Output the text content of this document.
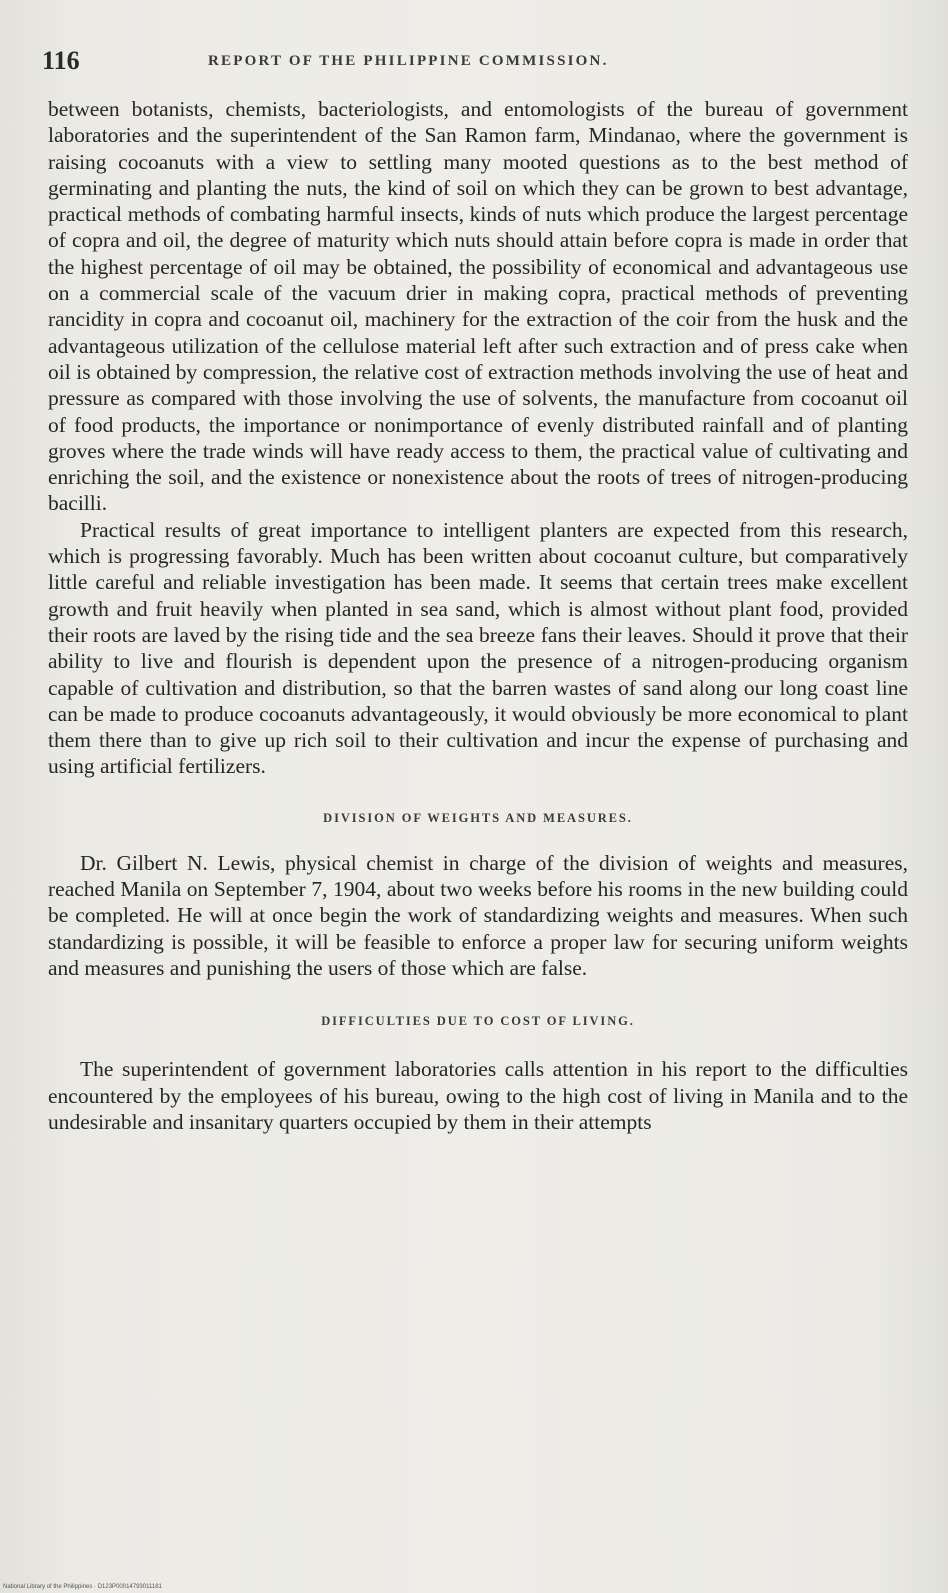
116	REPORT OF THE PHILIPPINE COMMISSION.

between botanists, chemists, bacteriologists, and entomologists of the bureau of government laboratories and the superintendent of the San Ramon farm, Mindanao, where the government is raising cocoanuts with a view to settling many mooted questions as to the best method of germinating and planting the nuts, the kind of soil on which they can be grown to best advantage, practical methods of combating harmful insects, kinds of nuts which produce the largest percentage of copra and oil, the degree of maturity which nuts should attain before copra is made in order that the highest percentage of oil may be obtained, the possibility of economical and advantageous use on a commercial scale of the vacuum drier in making copra, practical methods of preventing rancidity in copra and cocoanut oil, machinery for the extraction of the coir from the husk and the advantageous utilization of the cellulose material left after such extraction and of press cake when oil is obtained by compression, the relative cost of extraction methods involving the use of heat and pressure as compared with those involving the use of solvents, the manufacture from cocoanut oil of food products, the importance or nonimportance of evenly distributed rainfall and of planting groves where the trade winds will have ready access to them, the practical value of cultivating and enriching the soil, and the existence or nonexistence about the roots of trees of nitrogen-producing bacilli.

Practical results of great importance to intelligent planters are expected from this research, which is progressing favorably. Much has been written about cocoanut culture, but comparatively little careful and reliable investigation has been made. It seems that certain trees make excellent growth and fruit heavily when planted in sea sand, which is almost without plant food, provided their roots are laved by the rising tide and the sea breeze fans their leaves. Should it prove that their ability to live and flourish is dependent upon the presence of a nitrogen-producing organism capable of cultivation and distribution, so that the barren wastes of sand along our long coast line can be made to produce cocoanuts advantageously, it would obviously be more economical to plant them there than to give up rich soil to their cultivation and incur the expense of purchasing and using artificial fertilizers.

DIVISION OF WEIGHTS AND MEASURES.

Dr. Gilbert N. Lewis, physical chemist in charge of the division of weights and measures, reached Manila on September 7, 1904, about two weeks before his rooms in the new building could be completed. He will at once begin the work of standardizing weights and measures. When such standardizing is possible, it will be feasible to enforce a proper law for securing uniform weights and measures and punishing the users of those which are false.

DIFFICULTIES DUE TO COST OF LIVING.

The superintendent of government laboratories calls attention in his report to the difficulties encountered by the employees of his bureau, owing to the high cost of living in Manila and to the undesirable and insanitary quarters occupied by them in their attempts

National Library of the Philippines · D123P00014793011181
